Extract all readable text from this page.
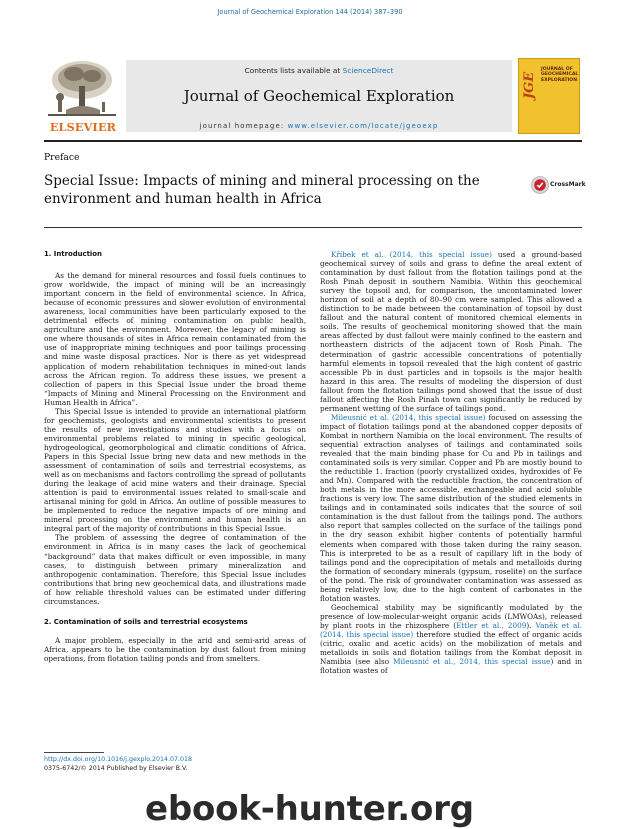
Journal of Geochemical Exploration 144 (2014) 387–390
ELSEVIER
Contents lists available at ScienceDirect
Journal of Geochemical Exploration
journal homepage: www.elsevier.com/locate/jgeoexp
JGE
JOURNAL OF GEOCHEMICAL EXPLORATION
Preface
Special Issue: Impacts of mining and mineral processing on the environment and human health in Africa
CrossMark
1. Introduction

As the demand for mineral resources and fossil fuels continues to grow worldwide, the impact of mining will be an increasingly important concern in the field of environmental science. In Africa, because of economic pressures and slower evolution of environmental awareness, local communities have been particularly exposed to the detrimental effects of mining contamination on public health, agriculture and the environment. Moreover, the legacy of mining is one where thousands of sites in Africa remain contaminated from the use of inappropriate mining techniques and poor tailings processing and mine waste disposal practices. Nor is there as yet widespread application of modern rehabilitation techniques in mined-out lands across the African region. To address these issues, we present a collection of papers in this Special Issue under the broad theme “Impacts of Mining and Mineral Processing on the Environment and Human Health in Africa”.

This Special Issue is intended to provide an international platform for geochemists, geologists and environmental scientists to present the results of new investigations and studies with a focus on environmental problems related to mining in specific geological, hydrogeological, geomorphological and climatic conditions of Africa. Papers in this Special Issue bring new data and new methods in the assessment of contamination of soils and terrestrial ecosystems, as well as on mechanisms and factors controlling the spread of pollutants during the leakage of acid mine waters and their drainage. Special attention is paid to environmental issues related to small-scale and artisanal mining for gold in Africa. An outline of possible measures to be implemented to reduce the negative impacts of ore mining and mineral processing on the environment and human health is an integral part of the majority of contributions in this Special Issue.

The problem of assessing the degree of contamination of the environment in Africa is in many cases the lack of geochemical “background” data that makes difficult or even impossible, in many cases, to distinguish between primary mineralization and anthropogenic contamination. Therefore, this Special Issue includes contributions that bring new geochemical data, and illustrations made of how reliable threshold values can be estimated under differing circumstances.

2. Contamination of soils and terrestrial ecosystems

A major problem, especially in the arid and semi-arid areas of Africa, appears to be the contamination by dust fallout from mining operations, from flotation tailing ponds and from smelters.

Kříbek et al. (2014, this special issue) used a ground-based geochemical survey of soils and grass to define the areal extent of contamination by dust fallout from the flotation tailings pond at the Rosh Pinah deposit in southern Namibia. Within this geochemical survey the topsoil and, for comparison, the uncontaminated lower horizon of soil at a depth of 80–90 cm were sampled. This allowed a distinction to be made between the contamination of topsoil by dust fallout and the natural content of monitored chemical elements in soils. The results of geochemical monitoring showed that the main areas affected by dust fallout were mainly confined to the eastern and northeastern districts of the adjacent town of Rosh Pinah. The determination of gastric accessible concentrations of potentially harmful elements in topsoil revealed that the high content of gastric accessible Pb in dust particles and in topsoils is the major health hazard in this area. The results of modeling the dispersion of dust fallout from the flotation tailings pond showed that the issue of dust fallout affecting the Rosh Pinah town can significantly be reduced by permanent wetting of the surface of tailings pond.

Mileusnić et al. (2014, this special issue) focused on assessing the impact of flotation tailings pond at the abandoned copper deposits of Kombat in northern Namibia on the local environment. The results of sequential extraction analyses of tailings and contaminated soils revealed that the main binding phase for Cu and Pb in tailings and contaminated soils is very similar. Copper and Pb are mostly bound to the reductible 1. fraction (poorly crystallized oxides, hydroxides of Fe and Mn). Compared with the reductible fraction, the concentration of both metals in the more accessible, exchangeable and acid soluble fractions is very low. The same distribution of the studied elements in tailings and in contaminated soils indicates that the source of soil contamination is the dust fallout from the tailings pond. The authors also report that samples collected on the surface of the tailings pond in the dry season exhibit higher contents of potentially harmful elements when compared with those taken during the rainy season. This is interpreted to be as a result of capillary lift in the body of tailings pond and the coprecipitation of metals and metalloids during the formation of secondary minerals (gypsum, roselite) on the surface of the pond. The risk of groundwater contamination was assessed as being relatively low, due to the high content of carbonates in the flotation wastes.

Geochemical stability may be significantly modulated by the presence of low-molecular-weight organic acids (LMWOAs), released by plant roots in the rhizosphere (Ettler et al., 2009). Vaněk et al. (2014, this special issue) therefore studied the effect of organic acids (citric, oxalic and acetic acids) on the mobilization of metals and metalloids in soils and flotation tailings from the Kombat deposit in Namibia (see also Mileusnić et al., 2014, this special issue) and in flotation wastes of

http://dx.doi.org/10.1016/j.gexplo.2014.07.018
0375-6742/© 2014 Published by Elsevier B.V.
ebook-hunter.org
